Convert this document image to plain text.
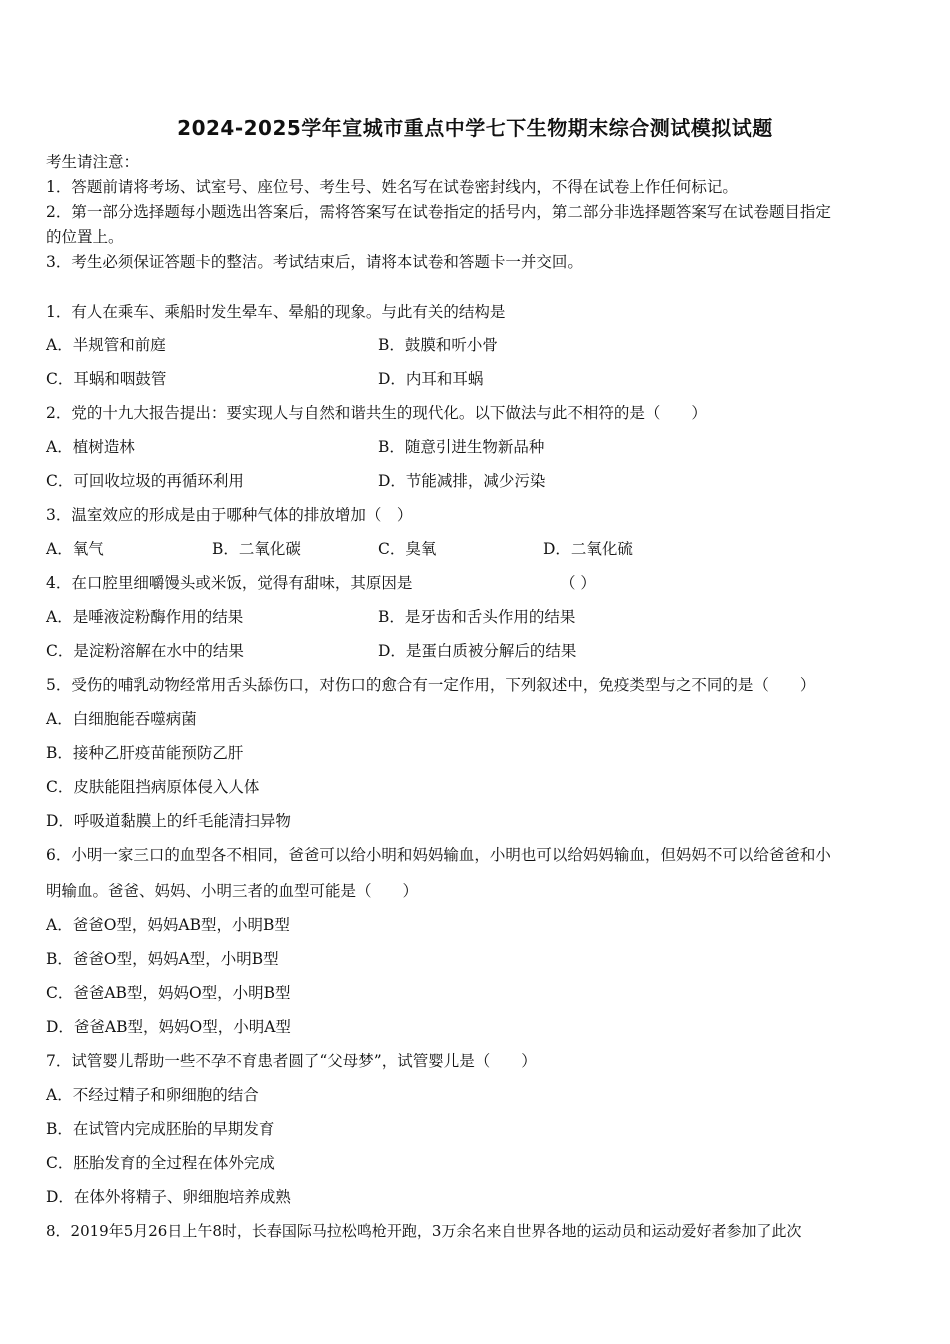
2024-2025学年宣城市重点中学七下生物期末综合测试模拟试题
考生请注意：
1．答题前请将考场、试室号、座位号、考生号、姓名写在试卷密封线内，不得在试卷上作任何标记。
2．第一部分选择题每小题选出答案后，需将答案写在试卷指定的括号内，第二部分非选择题答案写在试卷题目指定
的位置上。
3．考生必须保证答题卡的整洁。考试结束后，请将本试卷和答题卡一并交回。
1．有人在乘车、乘船时发生晕车、晕船的现象。与此有关的结构是
A．半规管和前庭	B．鼓膜和听小骨
C．耳蜗和咽鼓管	D．内耳和耳蜗
2．党的十九大报告提出：要实现人与自然和谐共生的现代化。以下做法与此不相符的是（　　）
A．植树造林	B．随意引进生物新品种
C．可回收垃圾的再循环利用	D．节能减排，减少污染
3．温室效应的形成是由于哪种气体的排放增加（　）
A．氧气	B．二氧化碳	C．臭氧	D．二氧化硫
4．在口腔里细嚼馒头或米饭，觉得有甜味，其原因是	（ ）
A．是唾液淀粉酶作用的结果	B．是牙齿和舌头作用的结果
C．是淀粉溶解在水中的结果	D．是蛋白质被分解后的结果
5．受伤的哺乳动物经常用舌头舔伤口，对伤口的愈合有一定作用，下列叙述中，免疫类型与之不同的是（　　）
A．白细胞能吞噬病菌
B．接种乙肝疫苗能预防乙肝
C．皮肤能阻挡病原体侵入人体
D．呼吸道黏膜上的纤毛能清扫异物
6．小明一家三口的血型各不相同，爸爸可以给小明和妈妈输血，小明也可以给妈妈输血，但妈妈不可以给爸爸和小
明输血。爸爸、妈妈、小明三者的血型可能是（　　）
A．爸爸O型，妈妈AB型，小明B型
B．爸爸O型，妈妈A型，小明B型
C．爸爸AB型，妈妈O型，小明B型
D．爸爸AB型，妈妈O型，小明A型
7．试管婴儿帮助一些不孕不育患者圆了“父母梦”，试管婴儿是（　　）
A．不经过精子和卵细胞的结合
B．在试管内完成胚胎的早期发育
C．胚胎发育的全过程在体外完成
D．在体外将精子、卵细胞培养成熟
8．2019年5月26日上午8时，长春国际马拉松鸣枪开跑，3万余名来自世界各地的运动员和运动爱好者参加了此次
